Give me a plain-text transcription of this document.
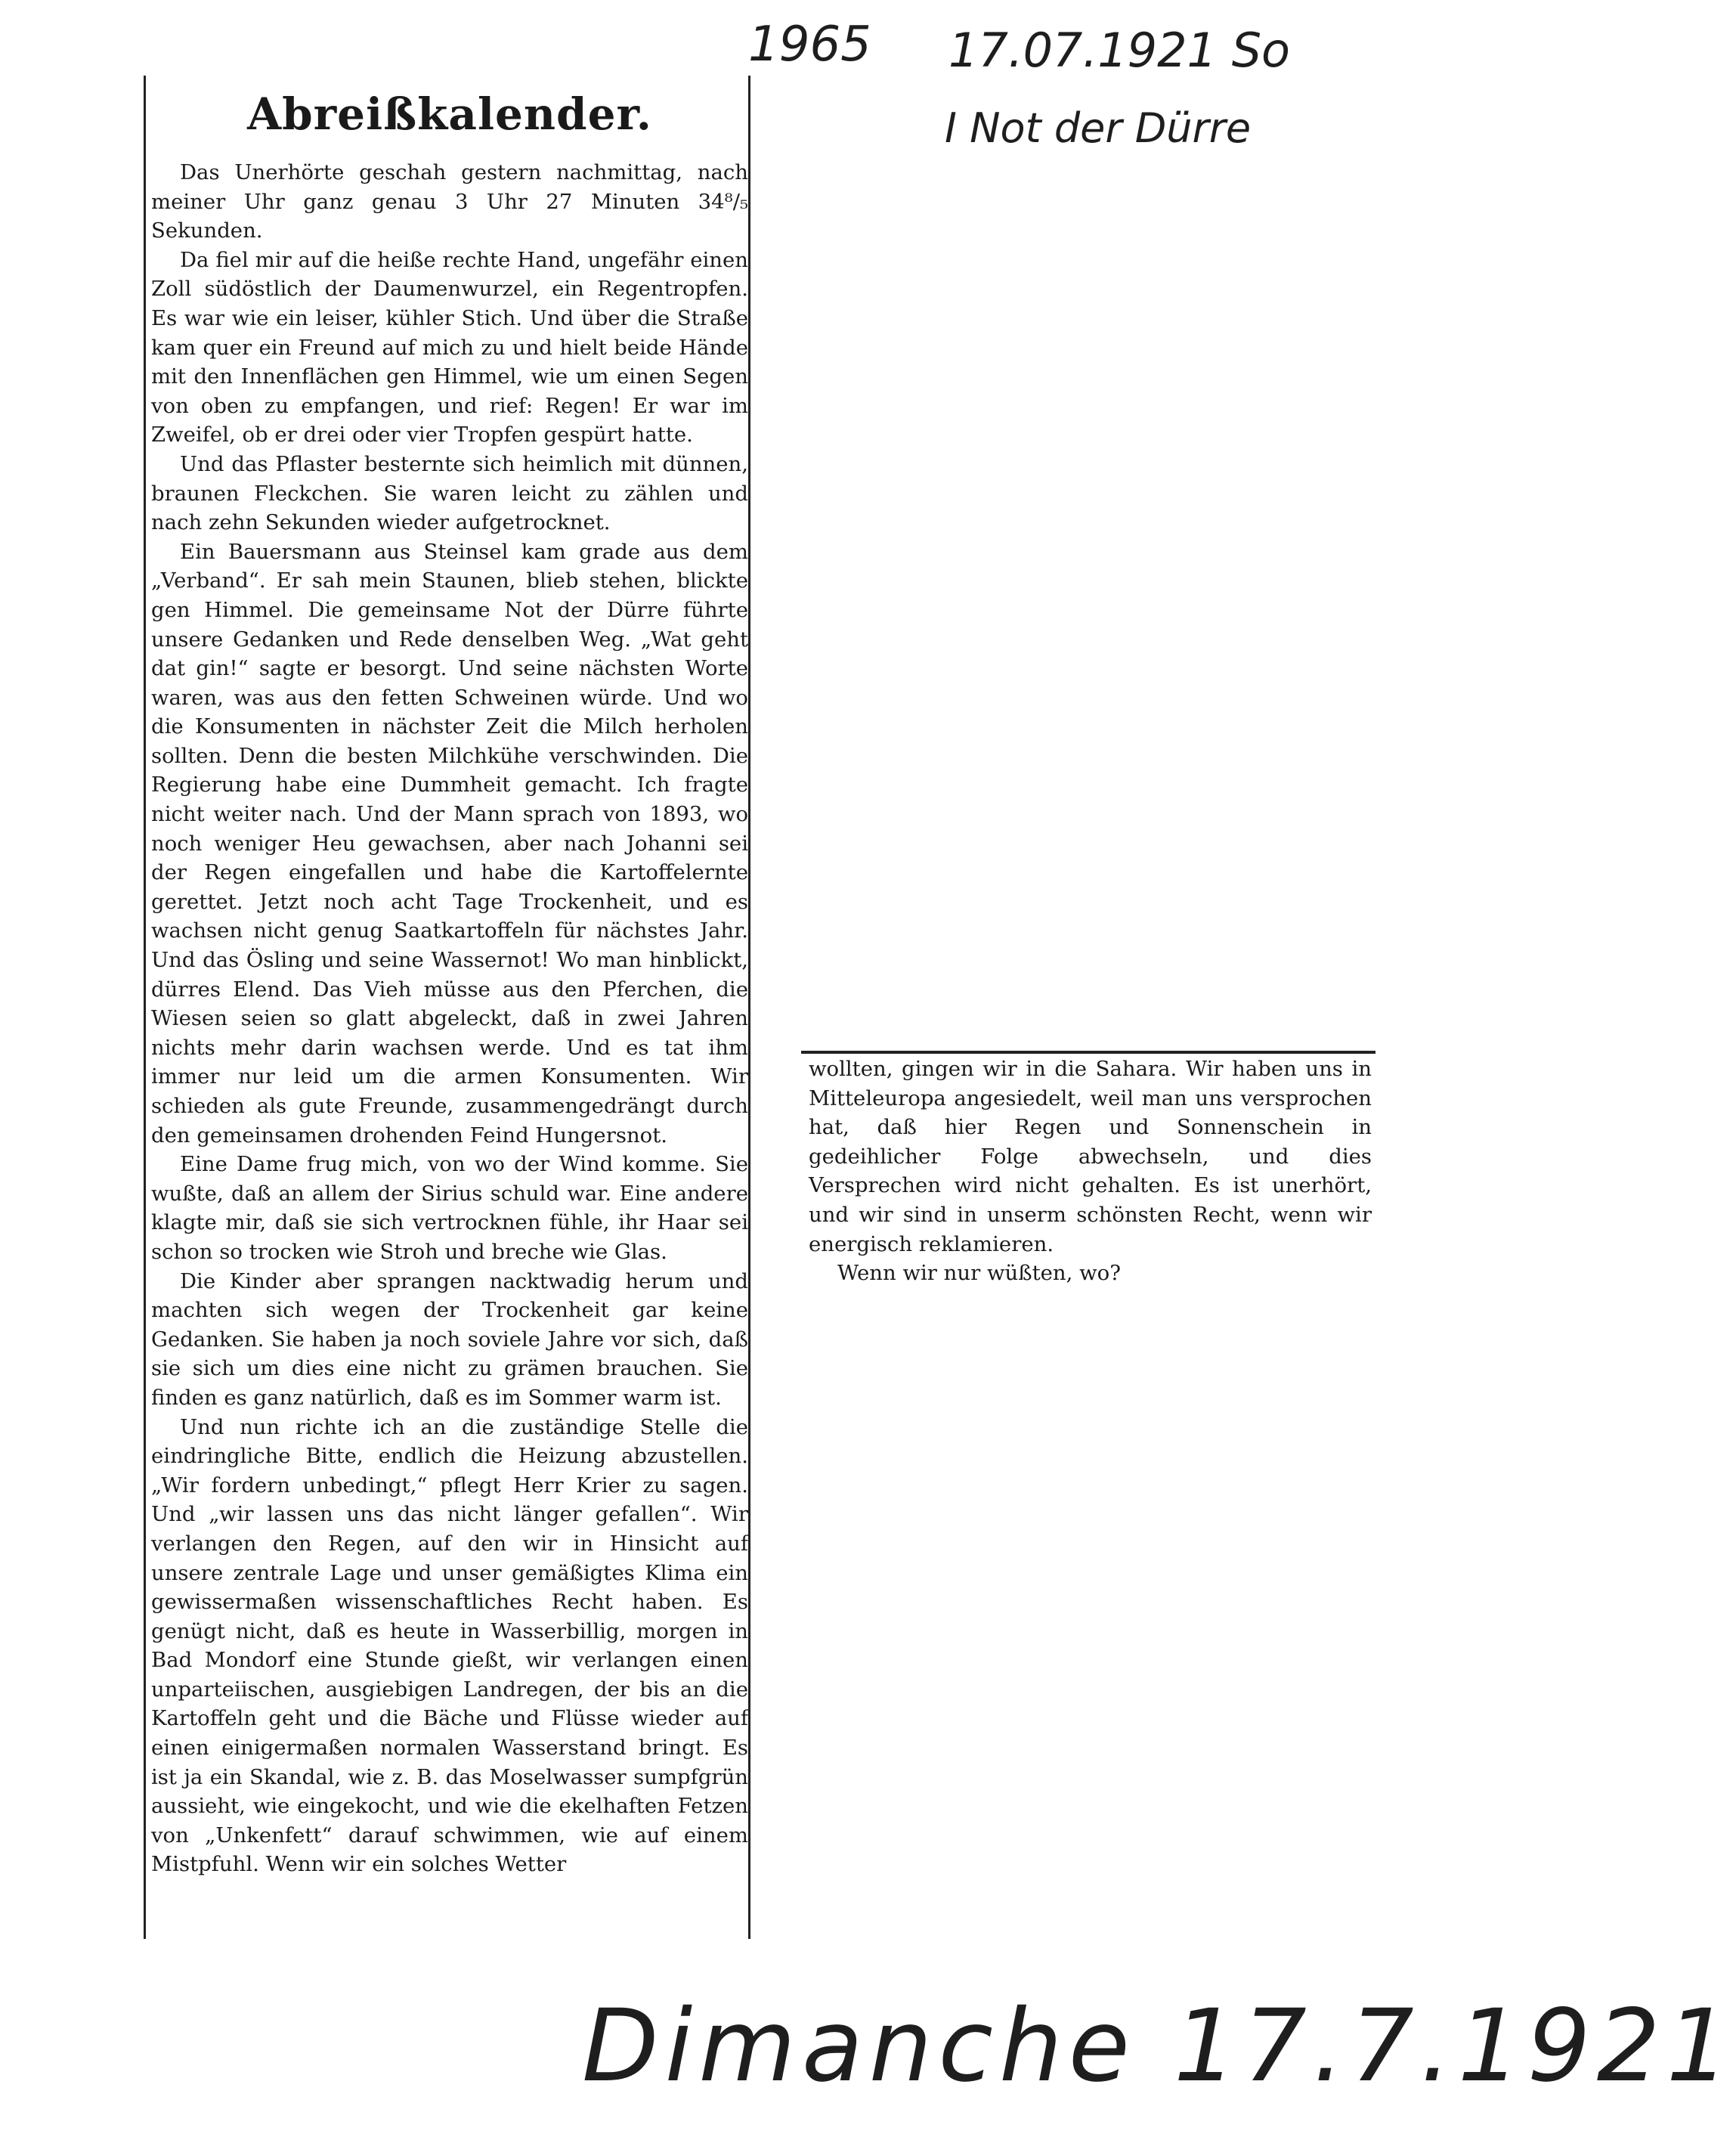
1965 17.07.1921 So
I Not der Dürre
Abreißkalender.

Das Unerhörte geschah gestern nachmittag, nach meiner Uhr ganz genau 3 Uhr 27 Minuten 34⁸/₅ Sekunden.

Da fiel mir auf die heiße rechte Hand, ungefähr einen Zoll südöstlich der Daumenwurzel, ein Regentropfen. Es war wie ein leiser, kühler Stich. Und über die Straße kam quer ein Freund auf mich zu und hielt beide Hände mit den Innenflächen gen Himmel, wie um einen Segen von oben zu empfangen, und rief: Regen! Er war im Zweifel, ob er drei oder vier Tropfen gespürt hatte.

Und das Pflaster besternte sich heimlich mit dünnen, braunen Fleckchen. Sie waren leicht zu zählen und nach zehn Sekunden wieder aufgetrocknet.

Ein Bauersmann aus Steinsel kam grade aus dem „Verband“. Er sah mein Staunen, blieb stehen, blickte gen Himmel. Die gemeinsame Not der Dürre führte unsere Gedanken und Rede denselben Weg. „Wat geht dat gin!“ sagte er besorgt. Und seine nächsten Worte waren, was aus den fetten Schweinen würde. Und wo die Konsumenten in nächster Zeit die Milch herholen sollten. Denn die besten Milchkühe verschwinden. Die Regierung habe eine Dummheit gemacht. Ich fragte nicht weiter nach. Und der Mann sprach von 1893, wo noch weniger Heu gewachsen, aber nach Johanni sei der Regen eingefallen und habe die Kartoffelernte gerettet. Jetzt noch acht Tage Trockenheit, und es wachsen nicht genug Saatkartoffeln für nächstes Jahr. Und das Ösling und seine Wassernot! Wo man hinblickt, dürres Elend. Das Vieh müsse aus den Pferchen, die Wiesen seien so glatt abgeleckt, daß in zwei Jahren nichts mehr darin wachsen werde. Und es tat ihm immer nur leid um die armen Konsumenten. Wir schieden als gute Freunde, zusammengedrängt durch den gemeinsamen drohenden Feind Hungersnot.

Eine Dame frug mich, von wo der Wind komme. Sie wußte, daß an allem der Sirius schuld war. Eine andere klagte mir, daß sie sich vertrocknen fühle, ihr Haar sei schon so trocken wie Stroh und breche wie Glas.

Die Kinder aber sprangen nacktwadig herum und machten sich wegen der Trockenheit gar keine Gedanken. Sie haben ja noch soviele Jahre vor sich, daß sie sich um dies eine nicht zu grämen brauchen. Sie finden es ganz natürlich, daß es im Sommer warm ist.

Und nun richte ich an die zuständige Stelle die eindringliche Bitte, endlich die Heizung abzustellen. „Wir fordern unbedingt,“ pflegt Herr Krier zu sagen. Und „wir lassen uns das nicht länger gefallen“. Wir verlangen den Regen, auf den wir in Hinsicht auf unsere zentrale Lage und unser gemäßigtes Klima ein gewissermaßen wissenschaftliches Recht haben. Es genügt nicht, daß es heute in Wasserbillig, morgen in Bad Mondorf eine Stunde gießt, wir verlangen einen unparteiischen, ausgiebigen Landregen, der bis an die Kartoffeln geht und die Bäche und Flüsse wieder auf einen einigermaßen normalen Wasserstand bringt. Es ist ja ein Skandal, wie z. B. das Moselwasser sumpfgrün aussieht, wie eingekocht, und wie die ekelhaften Fetzen von „Unkenfett“ darauf schwimmen, wie auf einem Mistpfuhl. Wenn wir ein solches Wetter

wollten, gingen wir in die Sahara. Wir haben uns in Mitteleuropa angesiedelt, weil man uns versprochen hat, daß hier Regen und Sonnenschein in gedeihlicher Folge abwechseln, und dies Versprechen wird nicht gehalten. Es ist unerhört, und wir sind in unserm schönsten Recht, wenn wir energisch reklamieren.

Wenn wir nur wüßten, wo?

Dimanche 17.7.1921
